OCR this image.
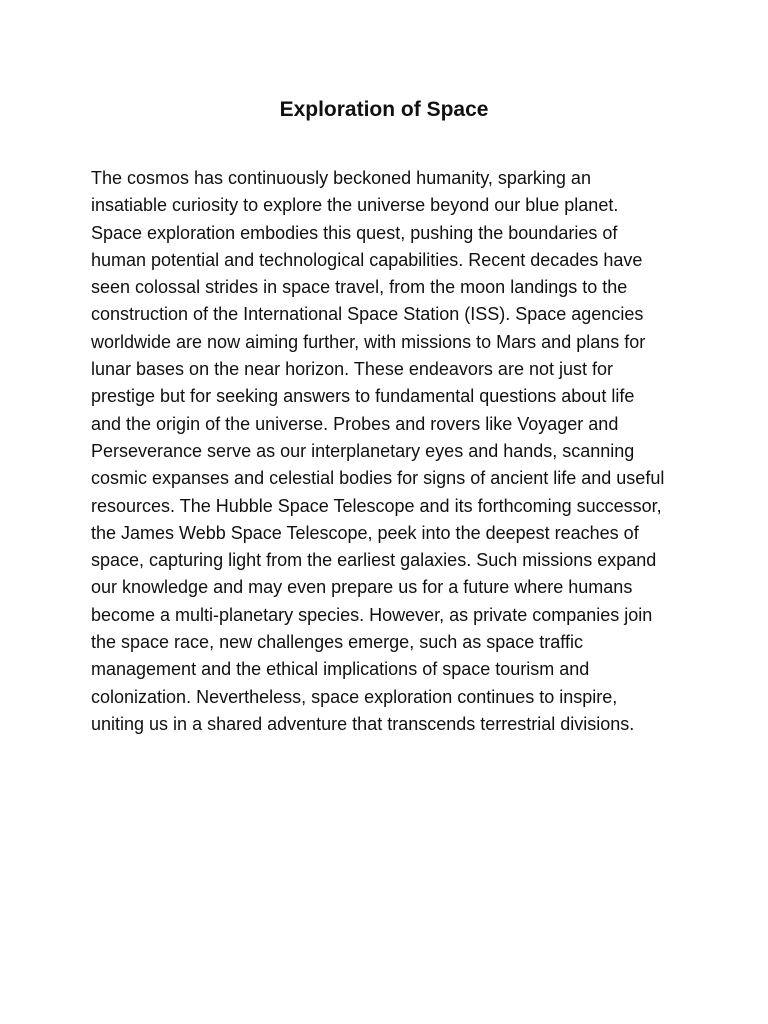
Exploration of Space

The cosmos has continuously beckoned humanity, sparking an
insatiable curiosity to explore the universe beyond our blue planet.
Space exploration embodies this quest, pushing the boundaries of
human potential and technological capabilities. Recent decades have
seen colossal strides in space travel, from the moon landings to the
construction of the International Space Station (ISS). Space agencies
worldwide are now aiming further, with missions to Mars and plans for
lunar bases on the near horizon. These endeavors are not just for
prestige but for seeking answers to fundamental questions about life
and the origin of the universe. Probes and rovers like Voyager and
Perseverance serve as our interplanetary eyes and hands, scanning
cosmic expanses and celestial bodies for signs of ancient life and useful
resources. The Hubble Space Telescope and its forthcoming successor,
the James Webb Space Telescope, peek into the deepest reaches of
space, capturing light from the earliest galaxies. Such missions expand
our knowledge and may even prepare us for a future where humans
become a multi-planetary species. However, as private companies join
the space race, new challenges emerge, such as space traffic
management and the ethical implications of space tourism and
colonization. Nevertheless, space exploration continues to inspire,
uniting us in a shared adventure that transcends terrestrial divisions.
